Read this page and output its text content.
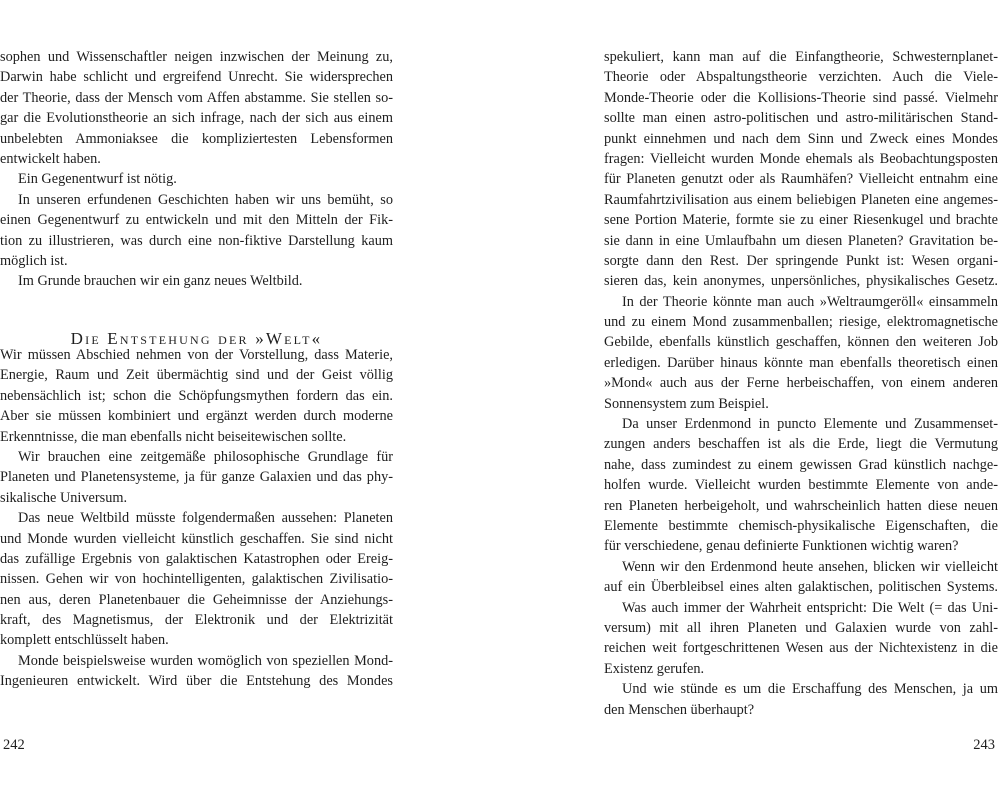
sophen und Wissenschaftler neigen inzwischen der Meinung zu,
Darwin habe schlicht und ergreifend Unrecht. Sie widersprechen
der Theorie, dass der Mensch vom Affen abstamme. Sie stellen so-
gar die Evolutionstheorie an sich infrage, nach der sich aus einem
unbelebten Ammoniaksee die kompliziertesten Lebensformen
entwickelt haben.
Ein Gegenentwurf ist nötig.
In unseren erfundenen Geschichten haben wir uns bemüht, so
einen Gegenentwurf zu entwickeln und mit den Mitteln der Fik-
tion zu illustrieren, was durch eine non-fiktive Darstellung kaum
möglich ist.
Im Grunde brauchen wir ein ganz neues Weltbild.
Die Entstehung der »Welt«
Wir müssen Abschied nehmen von der Vorstellung, dass Materie,
Energie, Raum und Zeit übermächtig sind und der Geist völlig
nebensächlich ist; schon die Schöpfungsmythen fordern das ein.
Aber sie müssen kombiniert und ergänzt werden durch moderne
Erkenntnisse, die man ebenfalls nicht beiseitewischen sollte.
Wir brauchen eine zeitgemäße philosophische Grundlage für
Planeten und Planetensysteme, ja für ganze Galaxien und das phy-
sikalische Universum.
Das neue Weltbild müsste folgendermaßen aussehen: Planeten
und Monde wurden vielleicht künstlich geschaffen. Sie sind nicht
das zufällige Ergebnis von galaktischen Katastrophen oder Ereig-
nissen. Gehen wir von hochintelligenten, galaktischen Zivilisatio-
nen aus, deren Planetenbauer die Geheimnisse der Anziehungs-
kraft, des Magnetismus, der Elektronik und der Elektrizität
komplett entschlüsselt haben.
Monde beispielsweise wurden womöglich von speziellen Mond-
Ingenieuren entwickelt. Wird über die Entstehung des Mondes
242
spekuliert, kann man auf die Einfangtheorie, Schwesternplanet-
Theorie oder Abspaltungstheorie verzichten. Auch die Viele-
Monde-Theorie oder die Kollisions-Theorie sind passé. Vielmehr
sollte man einen astro-politischen und astro-militärischen Stand-
punkt einnehmen und nach dem Sinn und Zweck eines Mondes
fragen: Vielleicht wurden Monde ehemals als Beobachtungsposten
für Planeten genutzt oder als Raumhäfen? Vielleicht entnahm eine
Raumfahrtzivilisation aus einem beliebigen Planeten eine angemes-
sene Portion Materie, formte sie zu einer Riesenkugel und brachte
sie dann in eine Umlaufbahn um diesen Planeten? Gravitation be-
sorgte dann den Rest. Der springende Punkt ist: Wesen organi-
sieren das, kein anonymes, unpersönliches, physikalisches Gesetz.
In der Theorie könnte man auch »Weltraumgeröll« einsammeln
und zu einem Mond zusammenballen; riesige, elektromagnetische
Gebilde, ebenfalls künstlich geschaffen, können den weiteren Job
erledigen. Darüber hinaus könnte man ebenfalls theoretisch einen
»Mond« auch aus der Ferne herbeischaffen, von einem anderen
Sonnensystem zum Beispiel.
Da unser Erdenmond in puncto Elemente und Zusammenset-
zungen anders beschaffen ist als die Erde, liegt die Vermutung
nahe, dass zumindest zu einem gewissen Grad künstlich nachge-
holfen wurde. Vielleicht wurden bestimmte Elemente von ande-
ren Planeten herbeigeholt, und wahrscheinlich hatten diese neuen
Elemente bestimmte chemisch-physikalische Eigenschaften, die
für verschiedene, genau definierte Funktionen wichtig waren?
Wenn wir den Erdenmond heute ansehen, blicken wir vielleicht
auf ein Überbleibsel eines alten galaktischen, politischen Systems.
Was auch immer der Wahrheit entspricht: Die Welt (= das Uni-
versum) mit all ihren Planeten und Galaxien wurde von zahl-
reichen weit fortgeschrittenen Wesen aus der Nichtexistenz in die
Existenz gerufen.
Und wie stünde es um die Erschaffung des Menschen, ja um
den Menschen überhaupt?
243
